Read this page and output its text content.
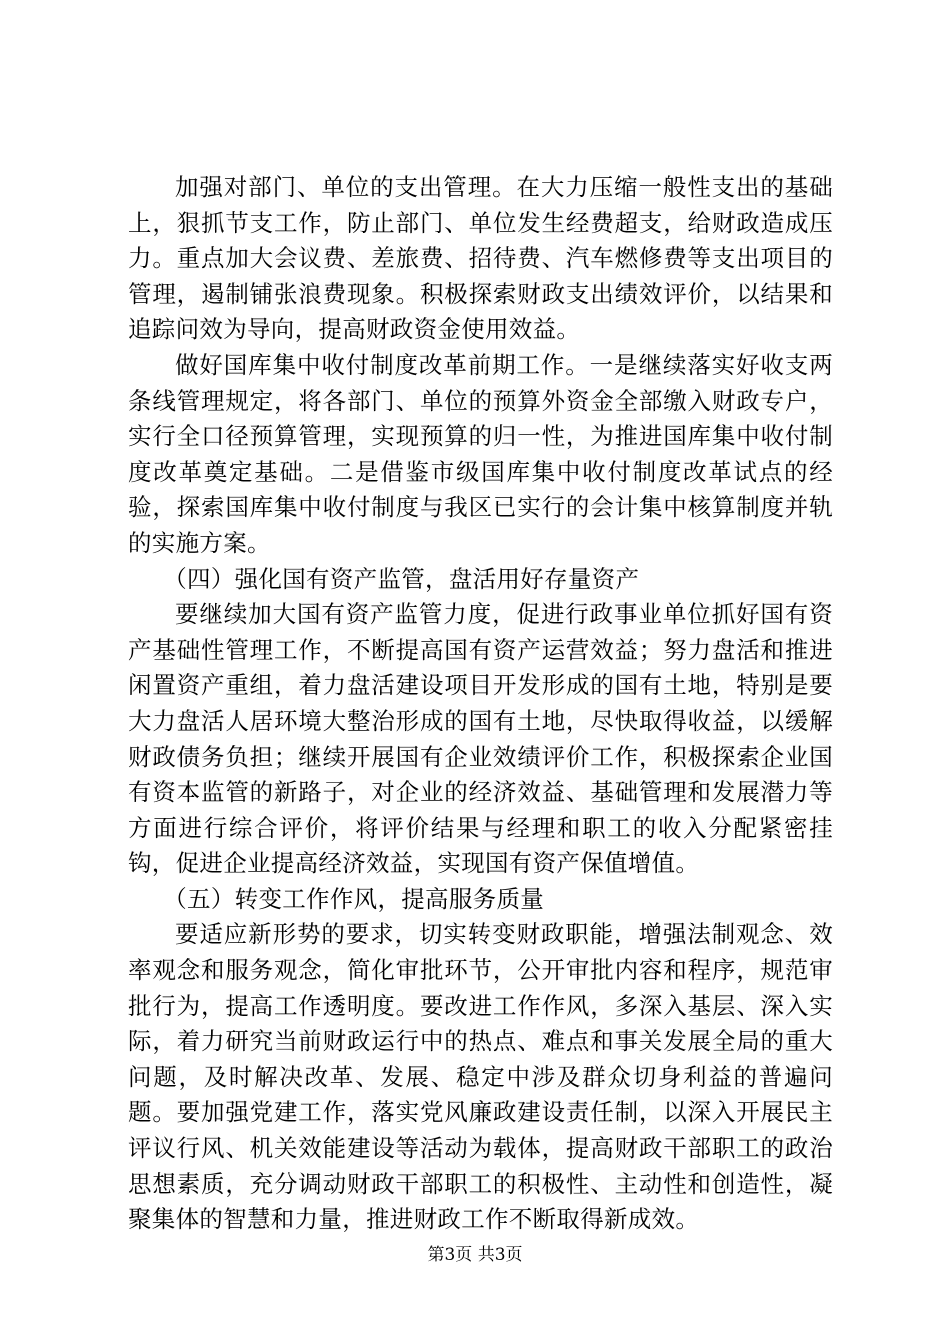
加强对部门、单位的支出管理。在大力压缩一般性支出的基础上，狠抓节支工作，防止部门、单位发生经费超支，给财政造成压力。重点加大会议费、差旅费、招待费、汽车燃修费等支出项目的管理，遏制铺张浪费现象。积极探索财政支出绩效评价，以结果和追踪问效为导向，提高财政资金使用效益。

做好国库集中收付制度改革前期工作。一是继续落实好收支两条线管理规定，将各部门、单位的预算外资金全部缴入财政专户，实行全口径预算管理，实现预算的归一性，为推进国库集中收付制度改革奠定基础。二是借鉴市级国库集中收付制度改革试点的经验，探索国库集中收付制度与我区已实行的会计集中核算制度并轨的实施方案。

（四）强化国有资产监管，盘活用好存量资产

要继续加大国有资产监管力度，促进行政事业单位抓好国有资产基础性管理工作，不断提高国有资产运营效益；努力盘活和推进闲置资产重组，着力盘活建设项目开发形成的国有土地，特别是要大力盘活人居环境大整治形成的国有土地，尽快取得收益，以缓解财政债务负担；继续开展国有企业效绩评价工作，积极探索企业国有资本监管的新路子，对企业的经济效益、基础管理和发展潜力等方面进行综合评价，将评价结果与经理和职工的收入分配紧密挂钩，促进企业提高经济效益，实现国有资产保值增值。

（五）转变工作作风，提高服务质量

要适应新形势的要求，切实转变财政职能，增强法制观念、效率观念和服务观念，简化审批环节，公开审批内容和程序，规范审批行为，提高工作透明度。要改进工作作风，多深入基层、深入实际，着力研究当前财政运行中的热点、难点和事关发展全局的重大问题，及时解决改革、发展、稳定中涉及群众切身利益的普遍问题。要加强党建工作，落实党风廉政建设责任制，以深入开展民主评议行风、机关效能建设等活动为载体，提高财政干部职工的政治思想素质，充分调动财政干部职工的积极性、主动性和创造性，凝聚集体的智慧和力量，推进财政工作不断取得新成效。

第3页 共3页
